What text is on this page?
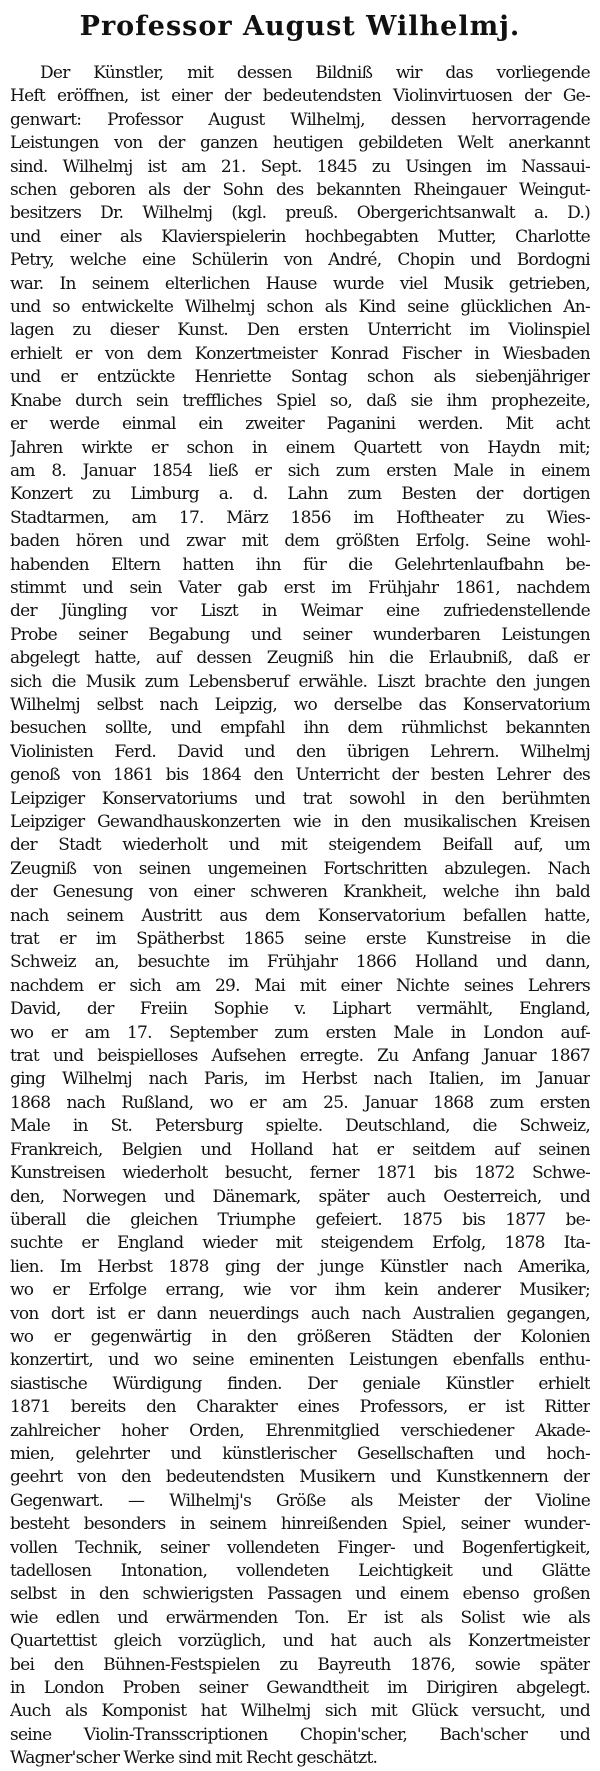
Professor August Wilhelmj.
Der Künstler, mit dessen Bildniß wir das vorliegende
Heft eröffnen, ist einer der bedeutendsten Violinvirtuosen der Ge-
genwart: Professor August Wilhelmj, dessen hervorragende
Leistungen von der ganzen heutigen gebildeten Welt anerkannt
sind. Wilhelmj ist am 21. Sept. 1845 zu Usingen im Nassaui-
schen geboren als der Sohn des bekannten Rheingauer Weingut-
besitzers Dr. Wilhelmj (kgl. preuß. Obergerichtsanwalt a. D.)
und einer als Klavierspielerin hochbegabten Mutter, Charlotte
Petry, welche eine Schülerin von André, Chopin und Bordogni
war. In seinem elterlichen Hause wurde viel Musik getrieben,
und so entwickelte Wilhelmj schon als Kind seine glücklichen An-
lagen zu dieser Kunst. Den ersten Unterricht im Violinspiel
erhielt er von dem Konzertmeister Konrad Fischer in Wiesbaden
und er entzückte Henriette Sontag schon als siebenjähriger
Knabe durch sein treffliches Spiel so, daß sie ihm prophezeite,
er werde einmal ein zweiter Paganini werden. Mit acht
Jahren wirkte er schon in einem Quartett von Haydn mit;
am 8. Januar 1854 ließ er sich zum ersten Male in einem
Konzert zu Limburg a. d. Lahn zum Besten der dortigen
Stadtarmen, am 17. März 1856 im Hoftheater zu Wies-
baden hören und zwar mit dem größten Erfolg. Seine wohl-
habenden Eltern hatten ihn für die Gelehrtenlaufbahn be-
stimmt und sein Vater gab erst im Frühjahr 1861, nachdem
der Jüngling vor Liszt in Weimar eine zufriedenstellende
Probe seiner Begabung und seiner wunderbaren Leistungen
abgelegt hatte, auf dessen Zeugniß hin die Erlaubniß, daß er
sich die Musik zum Lebensberuf erwähle. Liszt brachte den jungen
Wilhelmj selbst nach Leipzig, wo derselbe das Konservatorium
besuchen sollte, und empfahl ihn dem rühmlichst bekannten
Violinisten Ferd. David und den übrigen Lehrern. Wilhelmj
genoß von 1861 bis 1864 den Unterricht der besten Lehrer des
Leipziger Konservatoriums und trat sowohl in den berühmten
Leipziger Gewandhauskonzerten wie in den musikalischen Kreisen
der Stadt wiederholt und mit steigendem Beifall auf, um
Zeugniß von seinen ungemeinen Fortschritten abzulegen. Nach
der Genesung von einer schweren Krankheit, welche ihn bald
nach seinem Austritt aus dem Konservatorium befallen hatte,
trat er im Spätherbst 1865 seine erste Kunstreise in die
Schweiz an, besuchte im Frühjahr 1866 Holland und dann,
nachdem er sich am 29. Mai mit einer Nichte seines Lehrers
David, der Freiin Sophie v. Liphart vermählt, England,
wo er am 17. September zum ersten Male in London auf-
trat und beispielloses Aufsehen erregte. Zu Anfang Januar 1867
ging Wilhelmj nach Paris, im Herbst nach Italien, im Januar
1868 nach Rußland, wo er am 25. Januar 1868 zum ersten
Male in St. Petersburg spielte. Deutschland, die Schweiz,
Frankreich, Belgien und Holland hat er seitdem auf seinen
Kunstreisen wiederholt besucht, ferner 1871 bis 1872 Schwe-
den, Norwegen und Dänemark, später auch Oesterreich, und
überall die gleichen Triumphe gefeiert. 1875 bis 1877 be-
suchte er England wieder mit steigendem Erfolg, 1878 Ita-
lien. Im Herbst 1878 ging der junge Künstler nach Amerika,
wo er Erfolge errang, wie vor ihm kein anderer Musiker;
von dort ist er dann neuerdings auch nach Australien gegangen,
wo er gegenwärtig in den größeren Städten der Kolonien
konzertirt, und wo seine eminenten Leistungen ebenfalls enthu-
siastische Würdigung finden. Der geniale Künstler erhielt
1871 bereits den Charakter eines Professors, er ist Ritter
zahlreicher hoher Orden, Ehrenmitglied verschiedener Akade-
mien, gelehrter und künstlerischer Gesellschaften und hoch-
geehrt von den bedeutendsten Musikern und Kunstkennern der
Gegenwart. — Wilhelmj's Größe als Meister der Violine
besteht besonders in seinem hinreißenden Spiel, seiner wunder-
vollen Technik, seiner vollendeten Finger- und Bogenfertigkeit,
tadellosen Intonation, vollendeten Leichtigkeit und Glätte
selbst in den schwierigsten Passagen und einem ebenso großen
wie edlen und erwärmenden Ton. Er ist als Solist wie als
Quartettist gleich vorzüglich, und hat auch als Konzertmeister
bei den Bühnen-Festspielen zu Bayreuth 1876, sowie später
in London Proben seiner Gewandtheit im Dirigiren abgelegt.
Auch als Komponist hat Wilhelmj sich mit Glück versucht, und
seine Violin-Transscriptionen Chopin'scher, Bach'scher und
Wagner'scher Werke sind mit Recht geschätzt.
